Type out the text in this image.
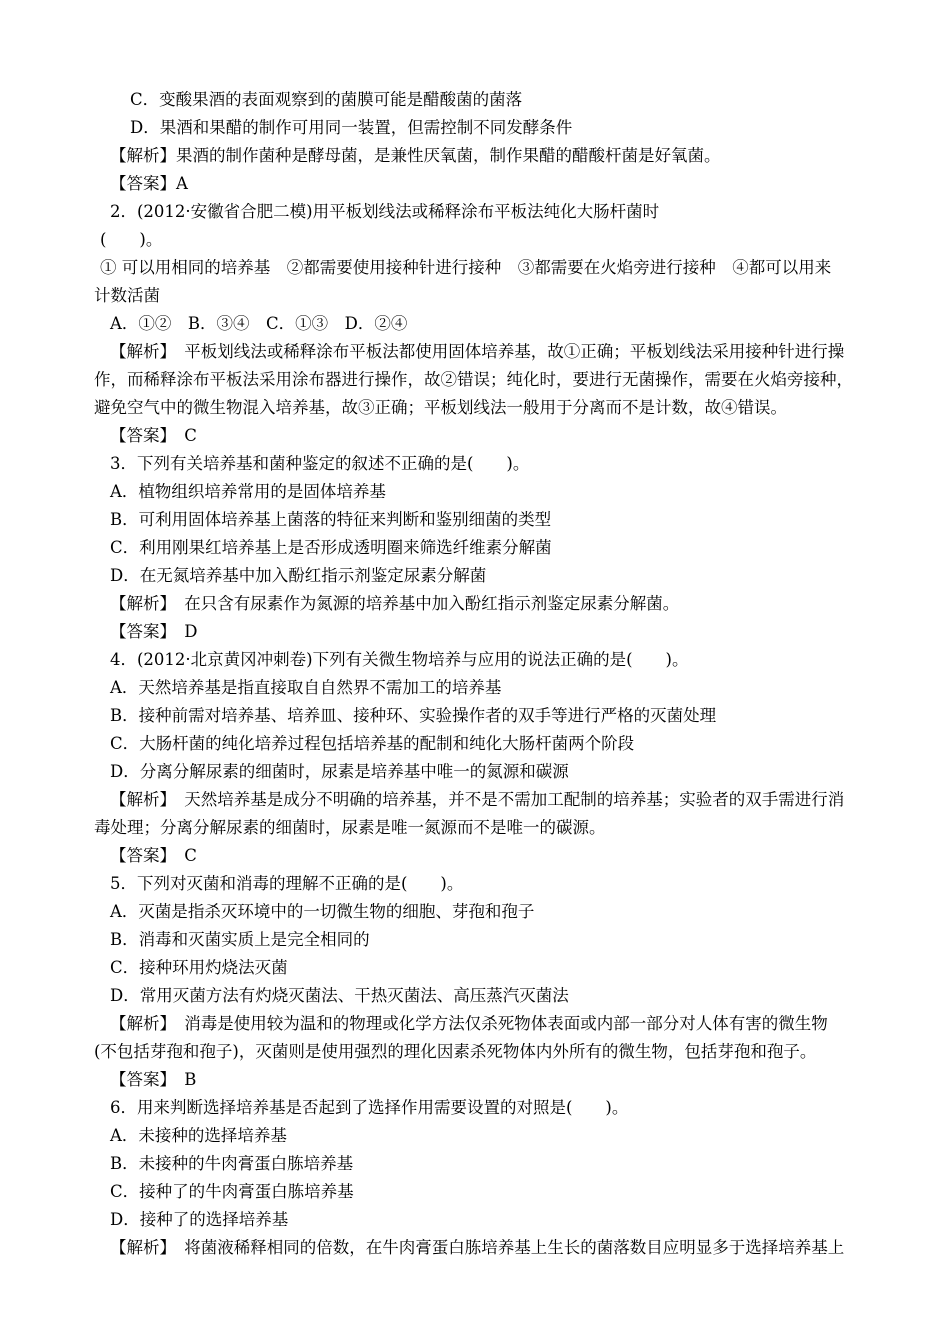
C．变酸果酒的表面观察到的菌膜可能是醋酸菌的菌落
D．果酒和果醋的制作可用同一装置，但需控制不同发酵条件
【解析】果酒的制作菌种是酵母菌，是兼性厌氧菌，制作果醋的醋酸杆菌是好氧菌。
【答案】A
2．(2012·安徽省合肥二模)用平板划线法或稀释涂布平板法纯化大肠杆菌时
(　　)。
① 可以用相同的培养基　②都需要使用接种针进行接种　③都需要在火焰旁进行接种　④都可以用来
计数活菌
A．①②　B．③④　C．①③　D．②④
【解析】　平板划线法或稀释涂布平板法都使用固体培养基，故①正确；平板划线法采用接种针进行操
作，而稀释涂布平板法采用涂布器进行操作，故②错误；纯化时，要进行无菌操作，需要在火焰旁接种，
避免空气中的微生物混入培养基，故③正确；平板划线法一般用于分离而不是计数，故④错误。
【答案】　C
3．下列有关培养基和菌种鉴定的叙述不正确的是(　　)。
A．植物组织培养常用的是固体培养基
B．可利用固体培养基上菌落的特征来判断和鉴别细菌的类型
C．利用刚果红培养基上是否形成透明圈来筛选纤维素分解菌
D．在无氮培养基中加入酚红指示剂鉴定尿素分解菌
【解析】　在只含有尿素作为氮源的培养基中加入酚红指示剂鉴定尿素分解菌。
【答案】　D
4．(2012·北京黄冈冲刺卷)下列有关微生物培养与应用的说法正确的是(　　)。
A．天然培养基是指直接取自自然界不需加工的培养基
B．接种前需对培养基、培养皿、接种环、实验操作者的双手等进行严格的灭菌处理
C．大肠杆菌的纯化培养过程包括培养基的配制和纯化大肠杆菌两个阶段
D．分离分解尿素的细菌时，尿素是培养基中唯一的氮源和碳源
【解析】　天然培养基是成分不明确的培养基，并不是不需加工配制的培养基；实验者的双手需进行消
毒处理；分离分解尿素的细菌时，尿素是唯一氮源而不是唯一的碳源。
【答案】　C
5．下列对灭菌和消毒的理解不正确的是(　　)。
A．灭菌是指杀灭环境中的一切微生物的细胞、芽孢和孢子
B．消毒和灭菌实质上是完全相同的
C．接种环用灼烧法灭菌
D．常用灭菌方法有灼烧灭菌法、干热灭菌法、高压蒸汽灭菌法
【解析】　消毒是使用较为温和的物理或化学方法仅杀死物体表面或内部一部分对人体有害的微生物
(不包括芽孢和孢子)，灭菌则是使用强烈的理化因素杀死物体内外所有的微生物，包括芽孢和孢子。
【答案】　B
6．用来判断选择培养基是否起到了选择作用需要设置的对照是(　　)。
A．未接种的选择培养基
B．未接种的牛肉膏蛋白胨培养基
C．接种了的牛肉膏蛋白胨培养基
D．接种了的选择培养基
【解析】　将菌液稀释相同的倍数，在牛肉膏蛋白胨培养基上生长的菌落数目应明显多于选择培养基上
